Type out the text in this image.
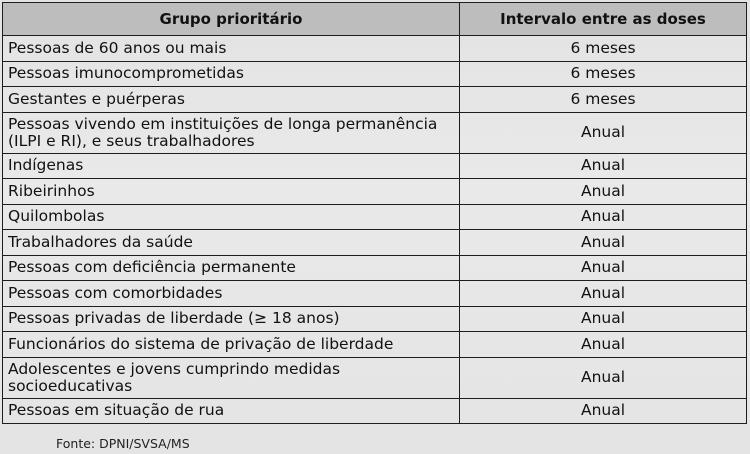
Grupo prioritário	Intervalo entre as doses
Pessoas de 60 anos ou mais	6 meses
Pessoas imunocomprometidas	6 meses
Gestantes e puérperas	6 meses
Pessoas vivendo em instituições de longa permanência (ILPI e RI), e seus trabalhadores	Anual
Indígenas	Anual
Ribeirinhos	Anual
Quilombolas	Anual
Trabalhadores da saúde	Anual
Pessoas com deficiência permanente	Anual
Pessoas com comorbidades	Anual
Pessoas privadas de liberdade (≥ 18 anos)	Anual
Funcionários do sistema de privação de liberdade	Anual
Adolescentes e jovens cumprindo medidas socioeducativas	Anual
Pessoas em situação de rua	Anual
Fonte: DPNI/SVSA/MS
